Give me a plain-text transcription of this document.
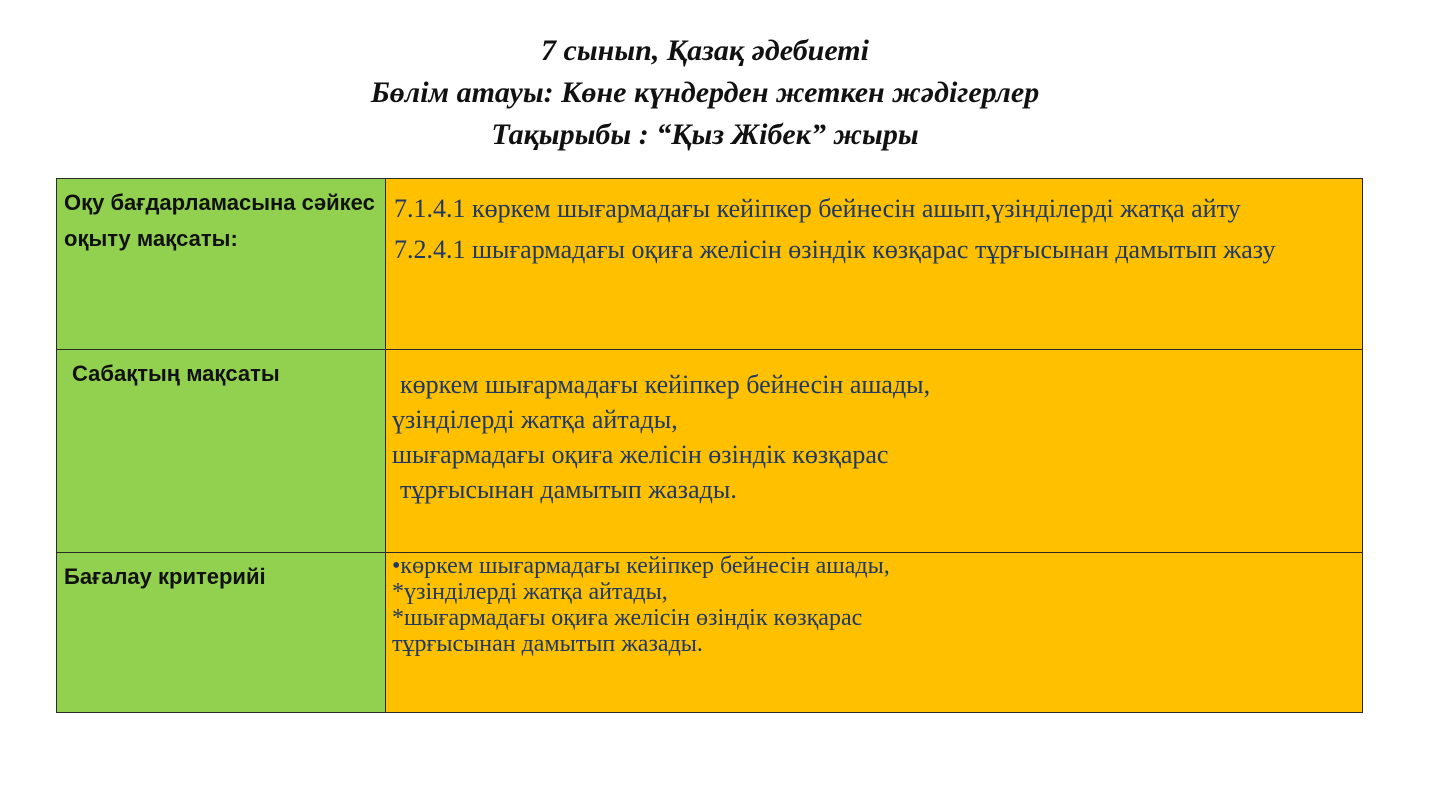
7 сынып, Қазақ әдебиеті
Бөлім атауы: Көне күндерден жеткен жәдігерлер
Тақырыбы : “Қыз Жібек” жыры
Оқу бағдарламасына сәйкес оқыту мақсаты:	7.1.4.1 көркем шығармадағы кейіпкер бейнесін ашып,үзінділерді жатқа айту

7.2.4.1 шығармадағы оқиға желісін өзіндік көзқарас тұрғысынан дамытып жазу

Сабақтың мақсаты	көркем шығармадағы кейіпкер бейнесін ашады,

үзінділерді жатқа айтады,

шығармадағы оқиға желісін өзіндік көзқарас

тұрғысынан дамытып жазады.

Бағалау критерийі	•көркем шығармадағы кейіпкер бейнесін ашады,

*үзінділерді жатқа айтады,

*шығармадағы оқиға желісін өзіндік көзқарас

тұрғысынан дамытып жазады.
